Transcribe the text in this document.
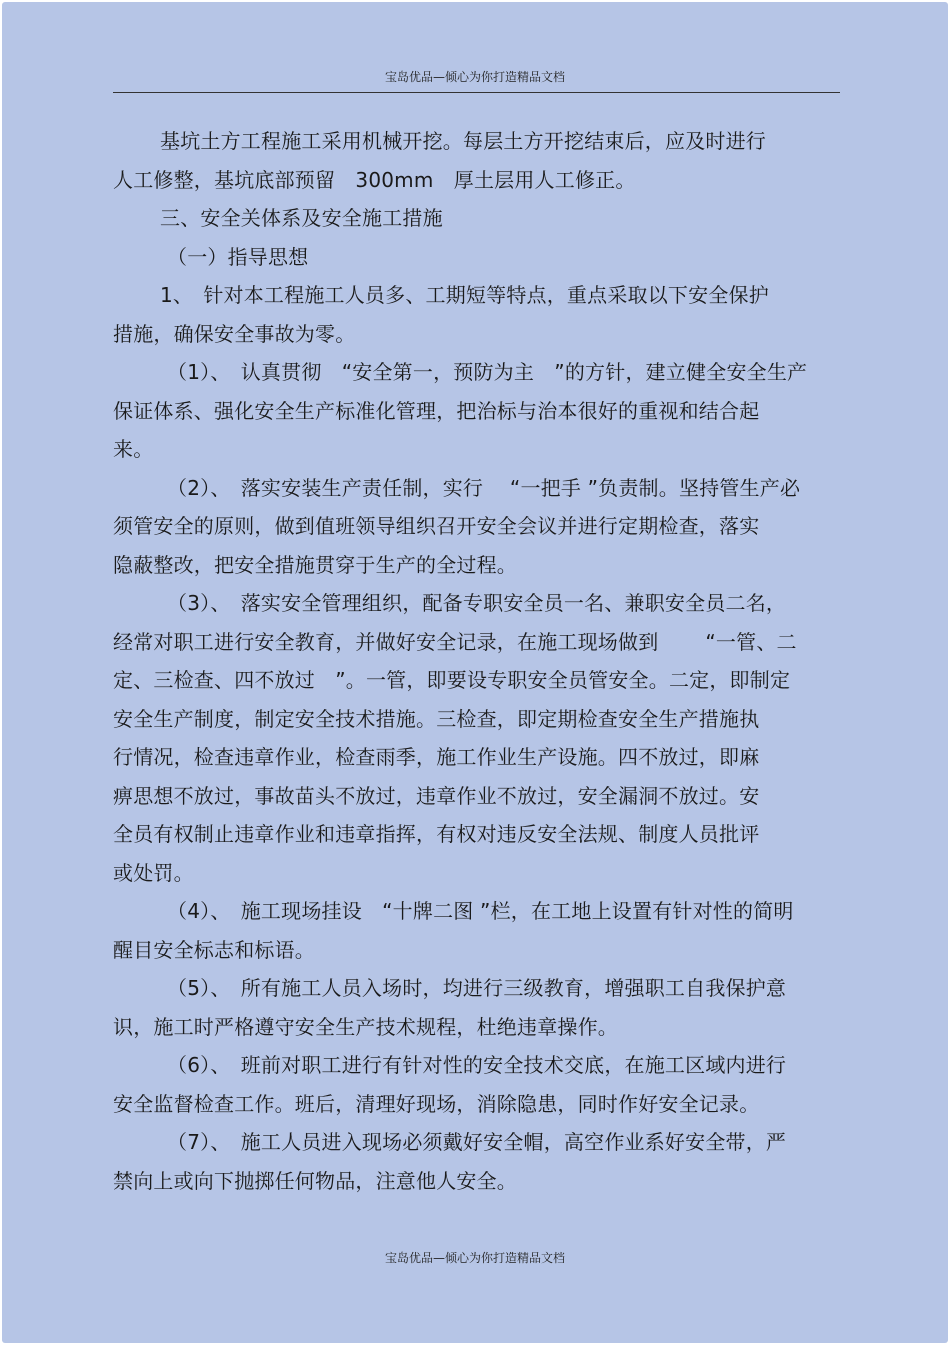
宝岛优品—倾心为你打造精品文档

基坑土方工程施工采用机械开挖。每层土方开挖结束后，应及时进行

人工修整，基坑底部预留　300mm　厚土层用人工修正。

三、安全关体系及安全施工措施

（一）指导思想

1、　针对本工程施工人员多、工期短等特点，重点采取以下安全保护

措施，确保安全事故为零。

（1）、　认真贯彻　“安全第一，预防为主　”的方针，建立健全安全生产

保证体系、强化安全生产标准化管理，把治标与治本很好的重视和结合起

来。

（2）、　落实安装生产责任制，实行　 “一把手 ”负责制。坚持管生产必

须管安全的原则，做到值班领导组织召开安全会议并进行定期检查，落实

隐蔽整改，把安全措施贯穿于生产的全过程。

（3）、　落实安全管理组织，配备专职安全员一名、兼职安全员二名，

经常对职工进行安全教育，并做好安全记录，在施工现场做到　　 “一管、二

定、三检查、四不放过　”。一管，即要设专职安全员管安全。二定，即制定

安全生产制度，制定安全技术措施。三检查，即定期检查安全生产措施执

行情况，检查违章作业，检查雨季，施工作业生产设施。四不放过，即麻

痹思想不放过，事故苗头不放过，违章作业不放过，安全漏洞不放过。安

全员有权制止违章作业和违章指挥，有权对违反安全法规、制度人员批评

或处罚。

（4）、　施工现场挂设　“十牌二图 ”栏，在工地上设置有针对性的简明

醒目安全标志和标语。

（5）、　所有施工人员入场时，均进行三级教育，增强职工自我保护意

识，施工时严格遵守安全生产技术规程，杜绝违章操作。

（6）、　班前对职工进行有针对性的安全技术交底，在施工区域内进行

安全监督检查工作。班后，清理好现场，消除隐患，同时作好安全记录。

（7）、　施工人员进入现场必须戴好安全帽，高空作业系好安全带，严

禁向上或向下抛掷任何物品，注意他人安全。

宝岛优品—倾心为你打造精品文档
